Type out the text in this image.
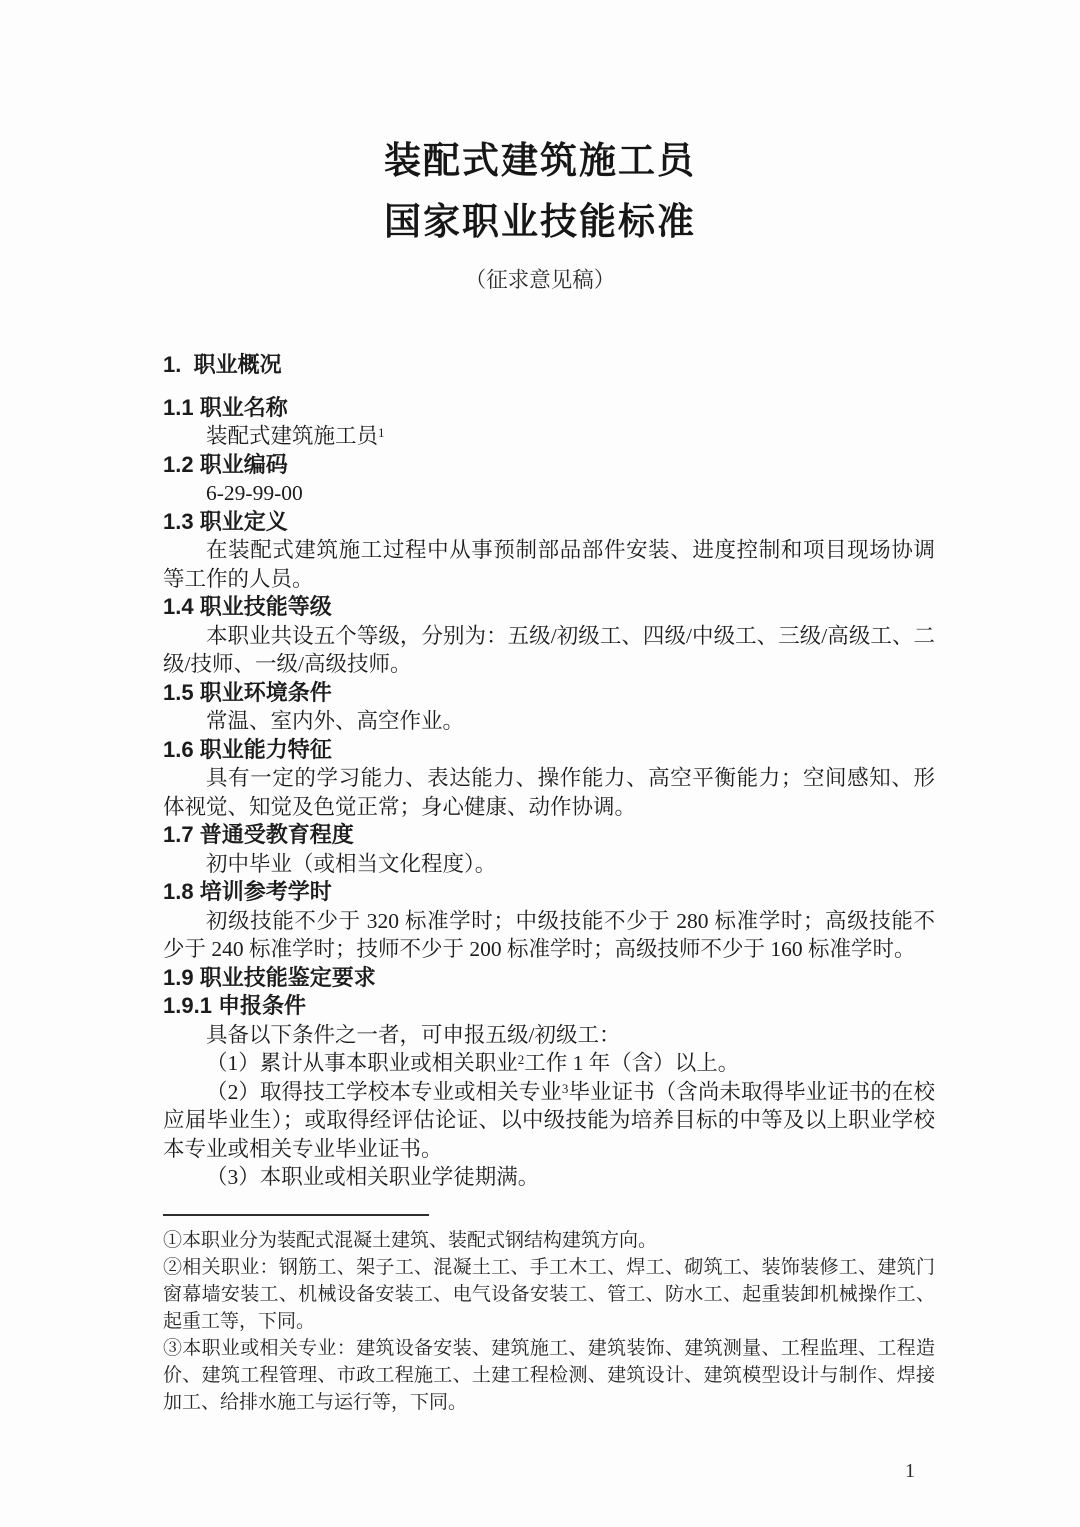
装配式建筑施工员
国家职业技能标准
（征求意见稿）

1.  职业概况

1.1 职业名称

装配式建筑施工员$^1$

1.2 职业编码

6-29-99-00

1.3 职业定义

在装配式建筑施工过程中从事预制部品部件安装、进度控制和项目现场协调等工作的人员。

1.4 职业技能等级

本职业共设五个等级，分别为：五级/初级工、四级/中级工、三级/高级工、二级/技师、一级/高级技师。

1.5 职业环境条件

常温、室内外、高空作业。

1.6 职业能力特征

具有一定的学习能力、表达能力、操作能力、高空平衡能力；空间感知、形体视觉、知觉及色觉正常；身心健康、动作协调。

1.7 普通受教育程度

初中毕业（或相当文化程度）。

1.8 培训参考学时

初级技能不少于 320 标准学时；中级技能不少于 280 标准学时；高级技能不少于 240 标准学时；技师不少于 200 标准学时；高级技师不少于 160 标准学时。

1.9 职业技能鉴定要求

1.9.1 申报条件

具备以下条件之一者，可申报五级/初级工：

（1）累计从事本职业或相关职业$^2$工作 1 年（含）以上。

（2）取得技工学校本专业或相关专业$^3$毕业证书（含尚未取得毕业证书的在校应届毕业生）；或取得经评估论证、以中级技能为培养目标的中等及以上职业学校本专业或相关专业毕业证书。

（3）本职业或相关职业学徒期满。

①本职业分为装配式混凝土建筑、装配式钢结构建筑方向。

②相关职业：钢筋工、架子工、混凝土工、手工木工、焊工、砌筑工、装饰装修工、建筑门窗幕墙安装工、机械设备安装工、电气设备安装工、管工、防水工、起重装卸机械操作工、起重工等，下同。

③本职业或相关专业：建筑设备安装、建筑施工、建筑装饰、建筑测量、工程监理、工程造价、建筑工程管理、市政工程施工、土建工程检测、建筑设计、建筑模型设计与制作、焊接加工、给排水施工与运行等，下同。

1
